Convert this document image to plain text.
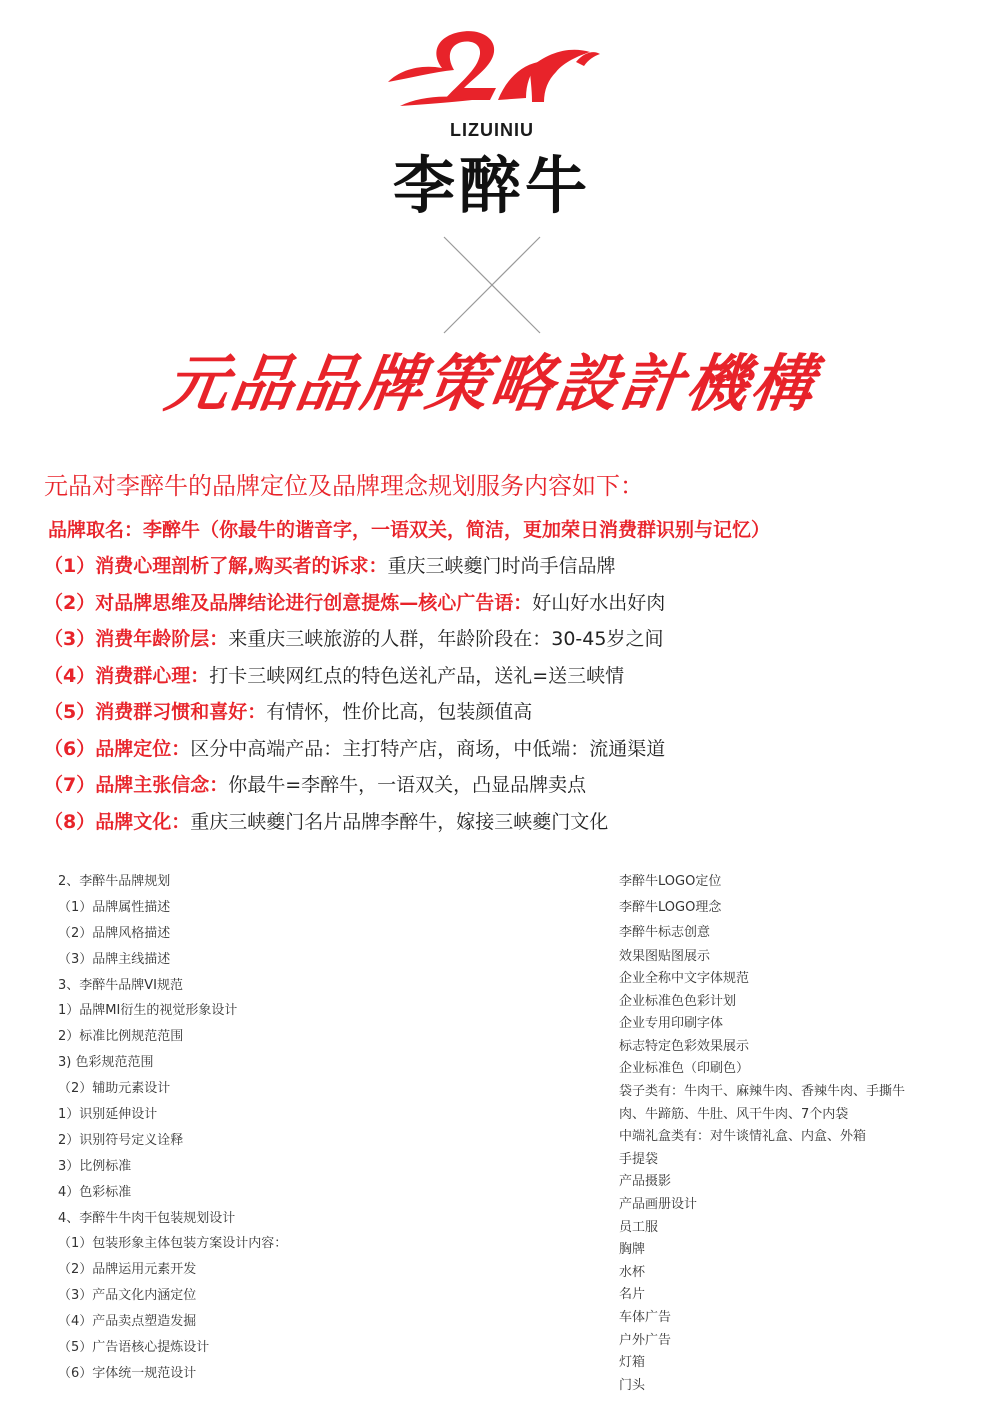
LIZUINIU
李醉牛
元品品牌策略設計機構
元品对李醉牛的品牌定位及品牌理念规划服务内容如下：
品牌取名：李醉牛（你最牛的谐音字，一语双关，简洁，更加荣日消费群识别与记忆）
（1）消费心理剖析了解,购买者的诉求：重庆三峡夔门时尚手信品牌
（2）对品牌思维及品牌结论进行创意提炼—核心广告语：好山好水出好肉
（3）消费年龄阶层：来重庆三峡旅游的人群，年龄阶段在：30-45岁之间
（4）消费群心理：打卡三峡网红点的特色送礼产品，送礼=送三峡情
（5）消费群习惯和喜好：有情怀，性价比高，包装颜值高
（6）品牌定位：区分中高端产品：主打特产店，商场，中低端：流通渠道
（7）品牌主张信念：你最牛=李醉牛，一语双关，凸显品牌卖点
（8）品牌文化：重庆三峡夔门名片品牌李醉牛，嫁接三峡夔门文化
2、李醉牛品牌规划
（1）品牌属性描述
（2）品牌风格描述
（3）品牌主线描述
3、李醉牛品牌VI规范
1）品牌MI衍生的视觉形象设计
2）标准比例规范范围
3) 色彩规范范围
（2）辅助元素设计
1）识别延伸设计
2）识别符号定义诠释
3）比例标准
4）色彩标准
4、李醉牛牛肉干包装规划设计
（1）包装形象主体包装方案设计内容：
（2）品牌运用元素开发
（3）产品文化内涵定位
（4）产品卖点塑造发掘
（5）广告语核心提炼设计
（6）字体统一规范设计
李醉牛LOGO定位
李醉牛LOGO理念
李醉牛标志创意
效果图贴图展示
企业全称中文字体规范
企业标准色色彩计划
企业专用印刷字体
标志特定色彩效果展示
企业标准色（印刷色）
袋子类有：牛肉干、麻辣牛肉、香辣牛肉、手撕牛
肉、牛蹄筋、牛肚、风干牛肉、7个内袋
中端礼盒类有：对牛谈情礼盒、内盒、外箱
手提袋
产品摄影
产品画册设计
员工服
胸牌
水杯
名片
车体广告
户外广告
灯箱
门头
